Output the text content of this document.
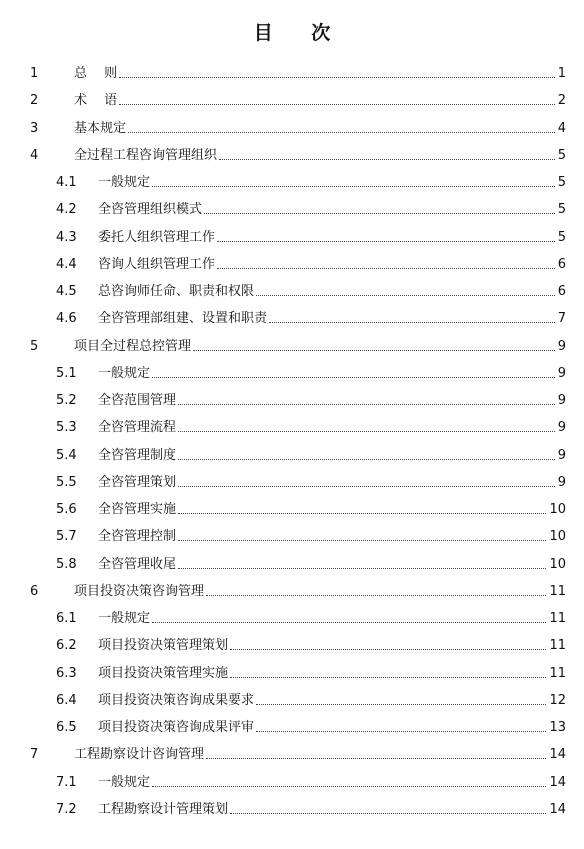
目 次
1	总　 则	1
2	术　 语	2
3	基本规定	4
4	全过程工程咨询管理组织	5
4.1 一般规定	5
4.2 全咨管理组织模式	5
4.3 委托人组织管理工作	5
4.4 咨询人组织管理工作	6
4.5 总咨询师任命、职责和权限	6
4.6 全咨管理部组建、设置和职责	7
5	项目全过程总控管理	9
5.1 一般规定	9
5.2 全咨范围管理	9
5.3 全咨管理流程	9
5.4 全咨管理制度	9
5.5 全咨管理策划	9
5.6 全咨管理实施	10
5.7 全咨管理控制	10
5.8 全咨管理收尾	10
6	项目投资决策咨询管理	11
6.1 一般规定	11
6.2 项目投资决策管理策划	11
6.3 项目投资决策管理实施	11
6.4 项目投资决策咨询成果要求	12
6.5 项目投资决策咨询成果评审	13
7	工程勘察设计咨询管理	14
7.1 一般规定	14
7.2 工程勘察设计管理策划	14
